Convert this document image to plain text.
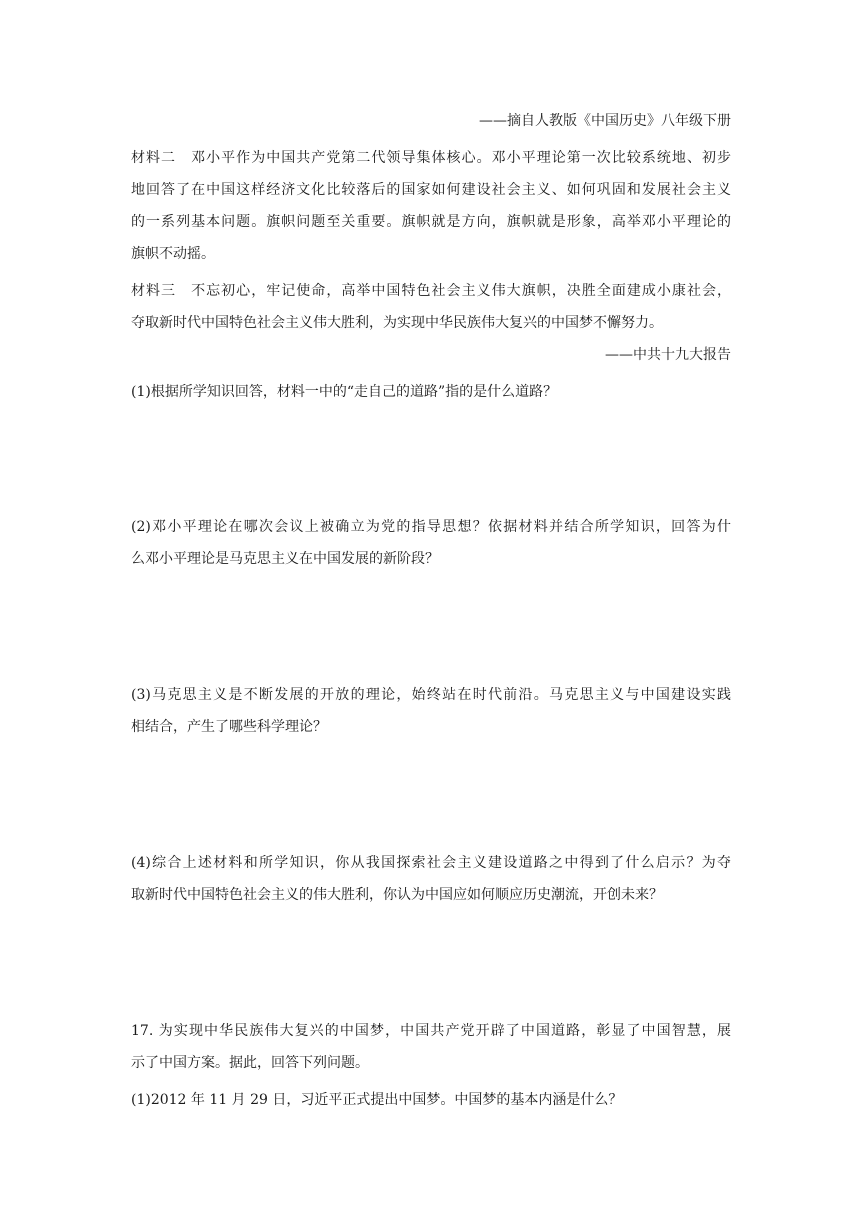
——摘自人教版《中国历史》八年级下册
材料二　邓小平作为中国共产党第二代领导集体核心。邓小平理论第一次比较系统地、初步
地回答了在中国这样经济文化比较落后的国家如何建设社会主义、如何巩固和发展社会主义
的一系列基本问题。旗帜问题至关重要。旗帜就是方向，旗帜就是形象，高举邓小平理论的
旗帜不动摇。
材料三　不忘初心，牢记使命，高举中国特色社会主义伟大旗帜，决胜全面建成小康社会，
夺取新时代中国特色社会主义伟大胜利，为实现中华民族伟大复兴的中国梦不懈努力。
——中共十九大报告
(1)根据所学知识回答，材料一中的“走自己的道路”指的是什么道路？
(2)邓小平理论在哪次会议上被确立为党的指导思想？依据材料并结合所学知识，回答为什
么邓小平理论是马克思主义在中国发展的新阶段？
(3)马克思主义是不断发展的开放的理论，始终站在时代前沿。马克思主义与中国建设实践
相结合，产生了哪些科学理论？
(4)综合上述材料和所学知识，你从我国探索社会主义建设道路之中得到了什么启示？为夺
取新时代中国特色社会主义的伟大胜利，你认为中国应如何顺应历史潮流，开创未来？
17. 为实现中华民族伟大复兴的中国梦，中国共产党开辟了中国道路，彰显了中国智慧，展
示了中国方案。据此，回答下列问题。
(1)2012 年 11 月 29 日，习近平正式提出中国梦。中国梦的基本内涵是什么？
